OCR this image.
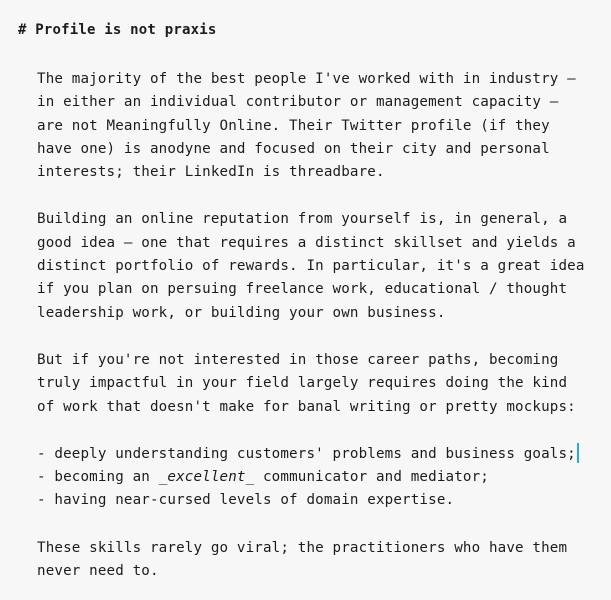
# Profile is not praxis
The majority of the best people I've worked with in industry —
in either an individual contributor or management capacity —
are not Meaningfully Online. Their Twitter profile (if they
have one) is anodyne and focused on their city and personal
interests; their LinkedIn is threadbare.
Building an online reputation from yourself is, in general, a
good idea — one that requires a distinct skillset and yields a
distinct portfolio of rewards. In particular, it's a great idea
if you plan on persuing freelance work, educational / thought
leadership work, or building your own business.
But if you're not interested in those career paths, becoming
truly impactful in your field largely requires doing the kind
of work that doesn't make for banal writing or pretty mockups:
- deeply understanding customers' problems and business goals;
- becoming an _excellent_ communicator and mediator;
- having near-cursed levels of domain expertise.
These skills rarely go viral; the practitioners who have them
never need to.
